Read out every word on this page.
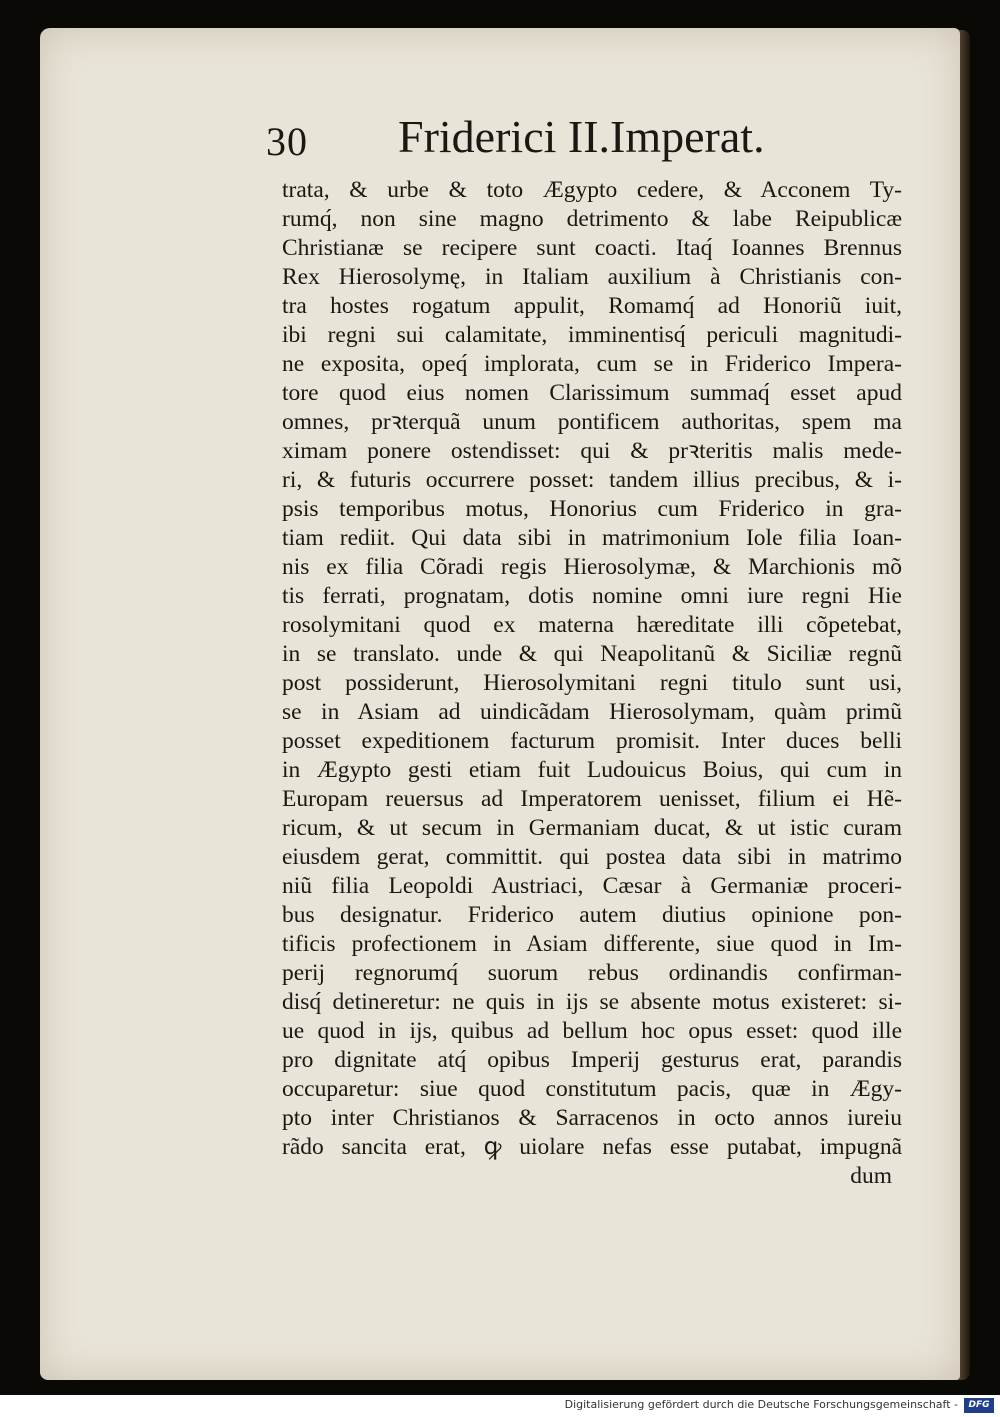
30 Friderici II.Imperat.
trata, & urbe & toto Ægypto cedere, & Acconem Ty-
rumq́, non sine magno detrimento & labe Reipublicæ
Christianæ se recipere sunt coacti. Itaq́ Ioannes Brennus
Rex Hierosolymę, in Italiam auxilium à Christianis con-
tra hostes rogatum appulit, Romamq́ ad Honoriũ iuit,
ibi regni sui calamitate, imminentisq́ periculi magnitudi-
ne exposita, opeq́ implorata, cum se in Friderico Impera-
tore quod eius nomen Clarissimum summaq́ esset apud
omnes, prꝛterquã unum pontificem authoritas, spem ma
ximam ponere ostendisset: qui & prꝛteritis malis mede-
ri, & futuris occurrere posset: tandem illius precibus, & i-
psis temporibus motus, Honorius cum Friderico in gra-
tiam rediit. Qui data sibi in matrimonium Iole filia Ioan-
nis ex filia Cõradi regis Hierosolymæ, & Marchionis mõ
tis ferrati, prognatam, dotis nomine omni iure regni Hie
rosolymitani quod ex materna hæreditate illi cõpetebat,
in se translato. unde & qui Neapolitanũ & Siciliæ regnũ
post possiderunt, Hierosolymitani regni titulo sunt usi,
se in Asiam ad uindicãdam Hierosolymam, quàm primũ
posset expeditionem facturum promisit. Inter duces belli
in Ægypto gesti etiam fuit Ludouicus Boius, qui cum in
Europam reuersus ad Imperatorem uenisset, filium ei Hẽ-
ricum, & ut secum in Germaniam ducat, & ut istic curam
eiusdem gerat, committit. qui postea data sibi in matrimo
niũ filia Leopoldi Austriaci, Cæsar à Germaniæ proceri-
bus designatur. Friderico autem diutius opinione pon-
tificis profectionem in Asiam differente, siue quod in Im-
perij regnorumq́ suorum rebus ordinandis confirman-
disq́ detineretur: ne quis in ijs se absente motus existeret: si-
ue quod in ijs, quibus ad bellum hoc opus esset: quod ille
pro dignitate atq́ opibus Imperij gesturus erat, parandis
occuparetur: siue quod constitutum pacis, quæ in Ægy-
pto inter Christianos & Sarracenos in octo annos iureiu
rãdo sancita erat, ꝙ uiolare nefas esse putabat, impugnã
dum
Digitalisierung gefördert durch die Deutsche Forschungsgemeinschaft -	DFG
